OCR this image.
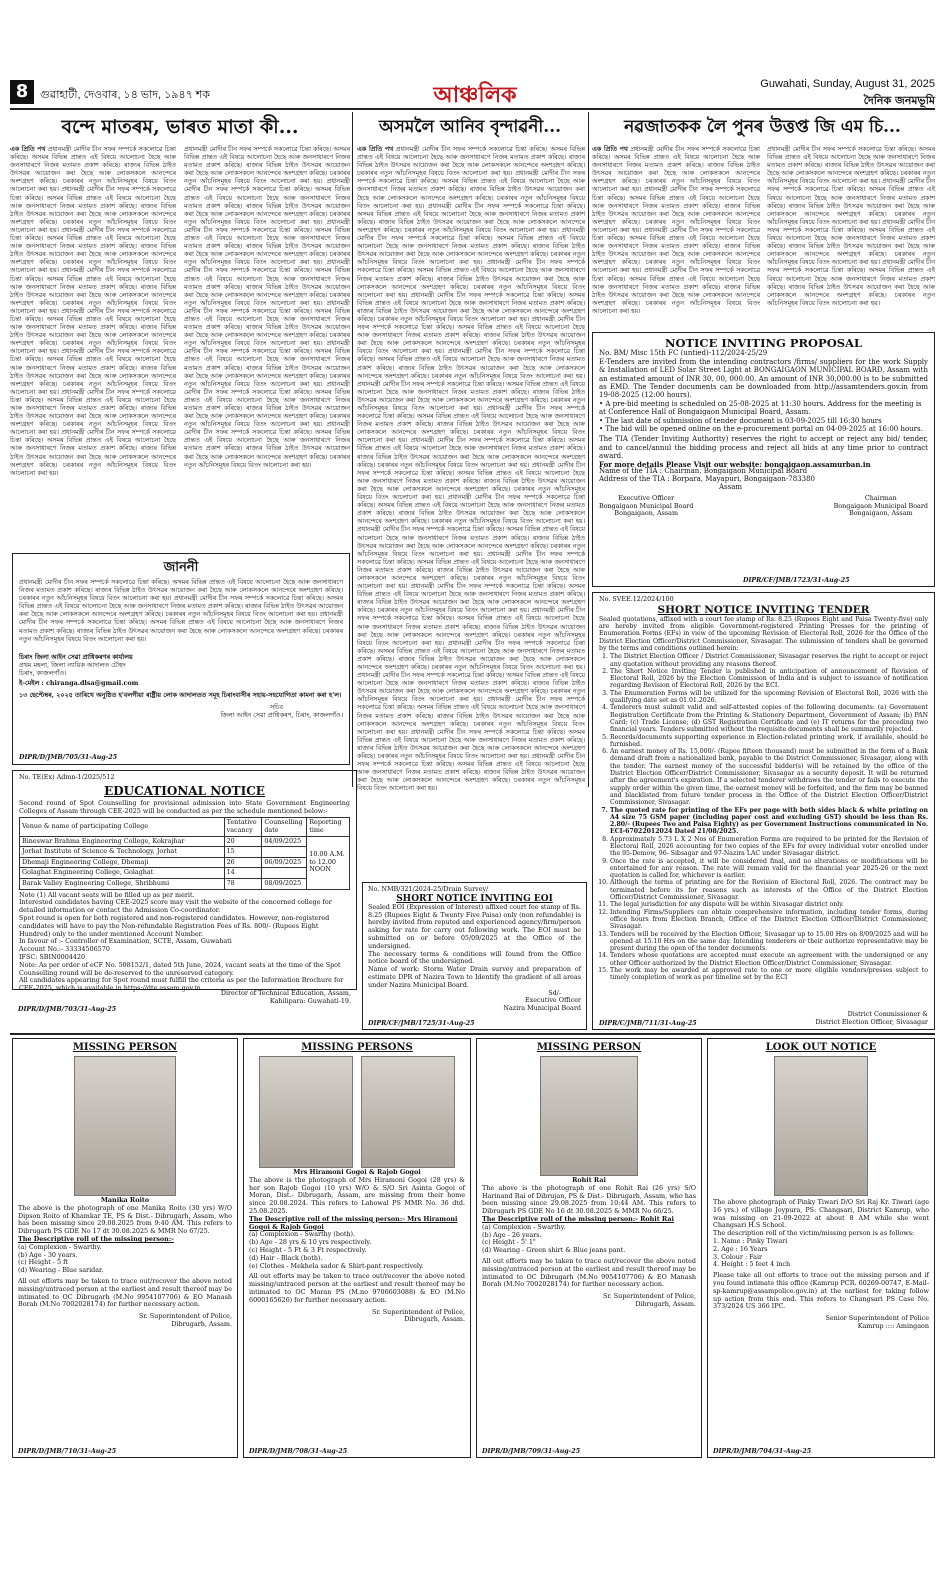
8	গুৱাহাটী, দেওবাৰ, ১৪ ভাদ, ১৯৪৭ শক	আঞ্চলিক	Guwahati, Sunday, August 31, 2025
দৈনিক জনমভূমি
বন্দে মাতৰম, ভাৰত মাতা কী...	অসমলৈ আনিব বৃন্দাৱনী...	নৱজাতকক লৈ পুনৰ উত্তপ্ত জি এম চি...
এক প্ৰিতি পথ প্ৰধানমন্ত্ৰী মোদীৰ চীন সফৰ সম্পৰ্কে সকলোৱে চিন্তা কৰিছে। অসমৰ বিভিন্ন প্ৰান্তত এই বিষয়ে আলোচনা হৈছে আৰু জনসাধাৰণে নিজৰ মতামত প্ৰকাশ কৰিছে। ৰাজ্যৰ বিভিন্ন ঠাইত উৎসৱৰ আয়োজন কৰা হৈছে আৰু লোকসকলে আনন্দেৰে অংশগ্ৰহণ কৰিছে। চৰকাৰৰ নতুন আঁচনিসমূহৰ বিষয়ে বিতং আলোচনা কৰা হয়। প্ৰধানমন্ত্ৰী মোদীৰ চীন সফৰ সম্পৰ্কে সকলোৱে চিন্তা কৰিছে। অসমৰ বিভিন্ন প্ৰান্তত এই বিষয়ে আলোচনা হৈছে আৰু জনসাধাৰণে নিজৰ মতামত প্ৰকাশ কৰিছে। ৰাজ্যৰ বিভিন্ন ঠাইত উৎসৱৰ আয়োজন কৰা হৈছে আৰু লোকসকলে আনন্দেৰে অংশগ্ৰহণ কৰিছে। চৰকাৰৰ নতুন আঁচনিসমূহৰ বিষয়ে বিতং আলোচনা কৰা হয়। প্ৰধানমন্ত্ৰী মোদীৰ চীন সফৰ সম্পৰ্কে সকলোৱে চিন্তা কৰিছে। অসমৰ বিভিন্ন প্ৰান্তত এই বিষয়ে আলোচনা হৈছে আৰু জনসাধাৰণে নিজৰ মতামত প্ৰকাশ কৰিছে। ৰাজ্যৰ বিভিন্ন ঠাইত উৎসৱৰ আয়োজন কৰা হৈছে আৰু লোকসকলে আনন্দেৰে অংশগ্ৰহণ কৰিছে। চৰকাৰৰ নতুন আঁচনিসমূহৰ বিষয়ে বিতং আলোচনা কৰা হয়। প্ৰধানমন্ত্ৰী মোদীৰ চীন সফৰ সম্পৰ্কে সকলোৱে চিন্তা কৰিছে। অসমৰ বিভিন্ন প্ৰান্তত এই বিষয়ে আলোচনা হৈছে আৰু জনসাধাৰণে নিজৰ মতামত প্ৰকাশ কৰিছে। ৰাজ্যৰ বিভিন্ন ঠাইত উৎসৱৰ আয়োজন কৰা হৈছে আৰু লোকসকলে আনন্দেৰে অংশগ্ৰহণ কৰিছে। চৰকাৰৰ নতুন আঁচনিসমূহৰ বিষয়ে বিতং আলোচনা কৰা হয়। প্ৰধানমন্ত্ৰী মোদীৰ চীন সফৰ সম্পৰ্কে সকলোৱে চিন্তা কৰিছে। অসমৰ বিভিন্ন প্ৰান্তত এই বিষয়ে আলোচনা হৈছে আৰু জনসাধাৰণে নিজৰ মতামত প্ৰকাশ কৰিছে। ৰাজ্যৰ বিভিন্ন ঠাইত উৎসৱৰ আয়োজন কৰা হৈছে আৰু লোকসকলে আনন্দেৰে অংশগ্ৰহণ কৰিছে। চৰকাৰৰ নতুন আঁচনিসমূহৰ বিষয়ে বিতং আলোচনা কৰা হয়। প্ৰধানমন্ত্ৰী মোদীৰ চীন সফৰ সম্পৰ্কে সকলোৱে চিন্তা কৰিছে। অসমৰ বিভিন্ন প্ৰান্তত এই বিষয়ে আলোচনা হৈছে আৰু জনসাধাৰণে নিজৰ মতামত প্ৰকাশ কৰিছে। ৰাজ্যৰ বিভিন্ন ঠাইত উৎসৱৰ আয়োজন কৰা হৈছে আৰু লোকসকলে আনন্দেৰে অংশগ্ৰহণ কৰিছে। চৰকাৰৰ নতুন আঁচনিসমূহৰ বিষয়ে বিতং আলোচনা কৰা হয়। প্ৰধানমন্ত্ৰী মোদীৰ চীন সফৰ সম্পৰ্কে সকলোৱে চিন্তা কৰিছে। অসমৰ বিভিন্ন প্ৰান্তত এই বিষয়ে আলোচনা হৈছে আৰু জনসাধাৰণে নিজৰ মতামত প্ৰকাশ কৰিছে। ৰাজ্যৰ বিভিন্ন ঠাইত উৎসৱৰ আয়োজন কৰা হৈছে আৰু লোকসকলে আনন্দেৰে অংশগ্ৰহণ কৰিছে। চৰকাৰৰ নতুন আঁচনিসমূহৰ বিষয়ে বিতং আলোচনা কৰা হয়। প্ৰধানমন্ত্ৰী মোদীৰ চীন সফৰ সম্পৰ্কে সকলোৱে চিন্তা কৰিছে। অসমৰ বিভিন্ন প্ৰান্তত এই বিষয়ে আলোচনা হৈছে আৰু জনসাধাৰণে নিজৰ মতামত প্ৰকাশ কৰিছে। ৰাজ্যৰ বিভিন্ন ঠাইত উৎসৱৰ আয়োজন কৰা হৈছে আৰু লোকসকলে আনন্দেৰে অংশগ্ৰহণ কৰিছে। চৰকাৰৰ নতুন আঁচনিসমূহৰ বিষয়ে বিতং আলোচনা কৰা হয়।
প্ৰধানমন্ত্ৰী মোদীৰ চীন সফৰ সম্পৰ্কে সকলোৱে চিন্তা কৰিছে। অসমৰ বিভিন্ন প্ৰান্তত এই বিষয়ে আলোচনা হৈছে আৰু জনসাধাৰণে নিজৰ মতামত প্ৰকাশ কৰিছে। ৰাজ্যৰ বিভিন্ন ঠাইত উৎসৱৰ আয়োজন কৰা হৈছে আৰু লোকসকলে আনন্দেৰে অংশগ্ৰহণ কৰিছে। চৰকাৰৰ নতুন আঁচনিসমূহৰ বিষয়ে বিতং আলোচনা কৰা হয়। প্ৰধানমন্ত্ৰী মোদীৰ চীন সফৰ সম্পৰ্কে সকলোৱে চিন্তা কৰিছে। অসমৰ বিভিন্ন প্ৰান্তত এই বিষয়ে আলোচনা হৈছে আৰু জনসাধাৰণে নিজৰ মতামত প্ৰকাশ কৰিছে। ৰাজ্যৰ বিভিন্ন ঠাইত উৎসৱৰ আয়োজন কৰা হৈছে আৰু লোকসকলে আনন্দেৰে অংশগ্ৰহণ কৰিছে। চৰকাৰৰ নতুন আঁচনিসমূহৰ বিষয়ে বিতং আলোচনা কৰা হয়। প্ৰধানমন্ত্ৰী মোদীৰ চীন সফৰ সম্পৰ্কে সকলোৱে চিন্তা কৰিছে। অসমৰ বিভিন্ন প্ৰান্তত এই বিষয়ে আলোচনা হৈছে আৰু জনসাধাৰণে নিজৰ মতামত প্ৰকাশ কৰিছে। ৰাজ্যৰ বিভিন্ন ঠাইত উৎসৱৰ আয়োজন কৰা হৈছে আৰু লোকসকলে আনন্দেৰে অংশগ্ৰহণ কৰিছে। চৰকাৰৰ নতুন আঁচনিসমূহৰ বিষয়ে বিতং আলোচনা কৰা হয়। প্ৰধানমন্ত্ৰী মোদীৰ চীন সফৰ সম্পৰ্কে সকলোৱে চিন্তা কৰিছে। অসমৰ বিভিন্ন প্ৰান্তত এই বিষয়ে আলোচনা হৈছে আৰু জনসাধাৰণে নিজৰ মতামত প্ৰকাশ কৰিছে। ৰাজ্যৰ বিভিন্ন ঠাইত উৎসৱৰ আয়োজন কৰা হৈছে আৰু লোকসকলে আনন্দেৰে অংশগ্ৰহণ কৰিছে। চৰকাৰৰ নতুন আঁচনিসমূহৰ বিষয়ে বিতং আলোচনা কৰা হয়। প্ৰধানমন্ত্ৰী মোদীৰ চীন সফৰ সম্পৰ্কে সকলোৱে চিন্তা কৰিছে। অসমৰ বিভিন্ন প্ৰান্তত এই বিষয়ে আলোচনা হৈছে আৰু জনসাধাৰণে নিজৰ মতামত প্ৰকাশ কৰিছে। ৰাজ্যৰ বিভিন্ন ঠাইত উৎসৱৰ আয়োজন কৰা হৈছে আৰু লোকসকলে আনন্দেৰে অংশগ্ৰহণ কৰিছে। চৰকাৰৰ নতুন আঁচনিসমূহৰ বিষয়ে বিতং আলোচনা কৰা হয়। প্ৰধানমন্ত্ৰী মোদীৰ চীন সফৰ সম্পৰ্কে সকলোৱে চিন্তা কৰিছে। অসমৰ বিভিন্ন প্ৰান্তত এই বিষয়ে আলোচনা হৈছে আৰু জনসাধাৰণে নিজৰ মতামত প্ৰকাশ কৰিছে। ৰাজ্যৰ বিভিন্ন ঠাইত উৎসৱৰ আয়োজন কৰা হৈছে আৰু লোকসকলে আনন্দেৰে অংশগ্ৰহণ কৰিছে। চৰকাৰৰ নতুন আঁচনিসমূহৰ বিষয়ে বিতং আলোচনা কৰা হয়। প্ৰধানমন্ত্ৰী মোদীৰ চীন সফৰ সম্পৰ্কে সকলোৱে চিন্তা কৰিছে। অসমৰ বিভিন্ন প্ৰান্তত এই বিষয়ে আলোচনা হৈছে আৰু জনসাধাৰণে নিজৰ মতামত প্ৰকাশ কৰিছে। ৰাজ্যৰ বিভিন্ন ঠাইত উৎসৱৰ আয়োজন কৰা হৈছে আৰু লোকসকলে আনন্দেৰে অংশগ্ৰহণ কৰিছে। চৰকাৰৰ নতুন আঁচনিসমূহৰ বিষয়ে বিতং আলোচনা কৰা হয়। প্ৰধানমন্ত্ৰী মোদীৰ চীন সফৰ সম্পৰ্কে সকলোৱে চিন্তা কৰিছে। অসমৰ বিভিন্ন প্ৰান্তত এই বিষয়ে আলোচনা হৈছে আৰু জনসাধাৰণে নিজৰ মতামত প্ৰকাশ কৰিছে। ৰাজ্যৰ বিভিন্ন ঠাইত উৎসৱৰ আয়োজন কৰা হৈছে আৰু লোকসকলে আনন্দেৰে অংশগ্ৰহণ কৰিছে। চৰকাৰৰ নতুন আঁচনিসমূহৰ বিষয়ে বিতং আলোচনা কৰা হয়।
এক প্ৰিতি পথ প্ৰধানমন্ত্ৰী মোদীৰ চীন সফৰ সম্পৰ্কে সকলোৱে চিন্তা কৰিছে। অসমৰ বিভিন্ন প্ৰান্তত এই বিষয়ে আলোচনা হৈছে আৰু জনসাধাৰণে নিজৰ মতামত প্ৰকাশ কৰিছে। ৰাজ্যৰ বিভিন্ন ঠাইত উৎসৱৰ আয়োজন কৰা হৈছে আৰু লোকসকলে আনন্দেৰে অংশগ্ৰহণ কৰিছে। চৰকাৰৰ নতুন আঁচনিসমূহৰ বিষয়ে বিতং আলোচনা কৰা হয়। প্ৰধানমন্ত্ৰী মোদীৰ চীন সফৰ সম্পৰ্কে সকলোৱে চিন্তা কৰিছে। অসমৰ বিভিন্ন প্ৰান্তত এই বিষয়ে আলোচনা হৈছে আৰু জনসাধাৰণে নিজৰ মতামত প্ৰকাশ কৰিছে। ৰাজ্যৰ বিভিন্ন ঠাইত উৎসৱৰ আয়োজন কৰা হৈছে আৰু লোকসকলে আনন্দেৰে অংশগ্ৰহণ কৰিছে। চৰকাৰৰ নতুন আঁচনিসমূহৰ বিষয়ে বিতং আলোচনা কৰা হয়। প্ৰধানমন্ত্ৰী মোদীৰ চীন সফৰ সম্পৰ্কে সকলোৱে চিন্তা কৰিছে। অসমৰ বিভিন্ন প্ৰান্তত এই বিষয়ে আলোচনা হৈছে আৰু জনসাধাৰণে নিজৰ মতামত প্ৰকাশ কৰিছে। ৰাজ্যৰ বিভিন্ন ঠাইত উৎসৱৰ আয়োজন কৰা হৈছে আৰু লোকসকলে আনন্দেৰে অংশগ্ৰহণ কৰিছে। চৰকাৰৰ নতুন আঁচনিসমূহৰ বিষয়ে বিতং আলোচনা কৰা হয়। প্ৰধানমন্ত্ৰী মোদীৰ চীন সফৰ সম্পৰ্কে সকলোৱে চিন্তা কৰিছে। অসমৰ বিভিন্ন প্ৰান্তত এই বিষয়ে আলোচনা হৈছে আৰু জনসাধাৰণে নিজৰ মতামত প্ৰকাশ কৰিছে। ৰাজ্যৰ বিভিন্ন ঠাইত উৎসৱৰ আয়োজন কৰা হৈছে আৰু লোকসকলে আনন্দেৰে অংশগ্ৰহণ কৰিছে। চৰকাৰৰ নতুন আঁচনিসমূহৰ বিষয়ে বিতং আলোচনা কৰা হয়। প্ৰধানমন্ত্ৰী মোদীৰ চীন সফৰ সম্পৰ্কে সকলোৱে চিন্তা কৰিছে। অসমৰ বিভিন্ন প্ৰান্তত এই বিষয়ে আলোচনা হৈছে আৰু জনসাধাৰণে নিজৰ মতামত প্ৰকাশ কৰিছে। ৰাজ্যৰ বিভিন্ন ঠাইত উৎসৱৰ আয়োজন কৰা হৈছে আৰু লোকসকলে আনন্দেৰে অংশগ্ৰহণ কৰিছে। চৰকাৰৰ নতুন আঁচনিসমূহৰ বিষয়ে বিতং আলোচনা কৰা হয়। প্ৰধানমন্ত্ৰী মোদীৰ চীন সফৰ সম্পৰ্কে সকলোৱে চিন্তা কৰিছে। অসমৰ বিভিন্ন প্ৰান্তত এই বিষয়ে আলোচনা হৈছে আৰু জনসাধাৰণে নিজৰ মতামত প্ৰকাশ কৰিছে। ৰাজ্যৰ বিভিন্ন ঠাইত উৎসৱৰ আয়োজন কৰা হৈছে আৰু লোকসকলে আনন্দেৰে অংশগ্ৰহণ কৰিছে। চৰকাৰৰ নতুন আঁচনিসমূহৰ বিষয়ে বিতং আলোচনা কৰা হয়। প্ৰধানমন্ত্ৰী মোদীৰ চীন সফৰ সম্পৰ্কে সকলোৱে চিন্তা কৰিছে। অসমৰ বিভিন্ন প্ৰান্তত এই বিষয়ে আলোচনা হৈছে আৰু জনসাধাৰণে নিজৰ মতামত প্ৰকাশ কৰিছে। ৰাজ্যৰ বিভিন্ন ঠাইত উৎসৱৰ আয়োজন কৰা হৈছে আৰু লোকসকলে আনন্দেৰে অংশগ্ৰহণ কৰিছে। চৰকাৰৰ নতুন আঁচনিসমূহৰ বিষয়ে বিতং আলোচনা কৰা হয়। প্ৰধানমন্ত্ৰী মোদীৰ চীন সফৰ সম্পৰ্কে সকলোৱে চিন্তা কৰিছে। অসমৰ বিভিন্ন প্ৰান্তত এই বিষয়ে আলোচনা হৈছে আৰু জনসাধাৰণে নিজৰ মতামত প্ৰকাশ কৰিছে। ৰাজ্যৰ বিভিন্ন ঠাইত উৎসৱৰ আয়োজন কৰা হৈছে আৰু লোকসকলে আনন্দেৰে অংশগ্ৰহণ কৰিছে। চৰকাৰৰ নতুন আঁচনিসমূহৰ বিষয়ে বিতং আলোচনা কৰা হয়। প্ৰধানমন্ত্ৰী মোদীৰ চীন সফৰ সম্পৰ্কে সকলোৱে চিন্তা কৰিছে। অসমৰ বিভিন্ন প্ৰান্তত এই বিষয়ে আলোচনা হৈছে আৰু জনসাধাৰণে নিজৰ মতামত প্ৰকাশ কৰিছে। ৰাজ্যৰ বিভিন্ন ঠাইত উৎসৱৰ আয়োজন কৰা হৈছে আৰু লোকসকলে আনন্দেৰে অংশগ্ৰহণ কৰিছে। চৰকাৰৰ নতুন আঁচনিসমূহৰ বিষয়ে বিতং আলোচনা কৰা হয়। প্ৰধানমন্ত্ৰী মোদীৰ চীন সফৰ সম্পৰ্কে সকলোৱে চিন্তা কৰিছে। অসমৰ বিভিন্ন প্ৰান্তত এই বিষয়ে আলোচনা হৈছে আৰু জনসাধাৰণে নিজৰ মতামত প্ৰকাশ কৰিছে। ৰাজ্যৰ বিভিন্ন ঠাইত উৎসৱৰ আয়োজন কৰা হৈছে আৰু লোকসকলে আনন্দেৰে অংশগ্ৰহণ কৰিছে। চৰকাৰৰ নতুন আঁচনিসমূহৰ বিষয়ে বিতং আলোচনা কৰা হয়। প্ৰধানমন্ত্ৰী মোদীৰ চীন সফৰ সম্পৰ্কে সকলোৱে চিন্তা কৰিছে। অসমৰ বিভিন্ন প্ৰান্তত এই বিষয়ে আলোচনা হৈছে আৰু জনসাধাৰণে নিজৰ মতামত প্ৰকাশ কৰিছে। ৰাজ্যৰ বিভিন্ন ঠাইত উৎসৱৰ আয়োজন কৰা হৈছে আৰু লোকসকলে আনন্দেৰে অংশগ্ৰহণ কৰিছে। চৰকাৰৰ নতুন আঁচনিসমূহৰ বিষয়ে বিতং আলোচনা কৰা হয়। প্ৰধানমন্ত্ৰী মোদীৰ চীন সফৰ সম্পৰ্কে সকলোৱে চিন্তা কৰিছে। অসমৰ বিভিন্ন প্ৰান্তত এই বিষয়ে আলোচনা হৈছে আৰু জনসাধাৰণে নিজৰ মতামত প্ৰকাশ কৰিছে। ৰাজ্যৰ বিভিন্ন ঠাইত উৎসৱৰ আয়োজন কৰা হৈছে আৰু লোকসকলে আনন্দেৰে অংশগ্ৰহণ কৰিছে। চৰকাৰৰ নতুন আঁচনিসমূহৰ বিষয়ে বিতং আলোচনা কৰা হয়। প্ৰধানমন্ত্ৰী মোদীৰ চীন সফৰ সম্পৰ্কে সকলোৱে চিন্তা কৰিছে। অসমৰ বিভিন্ন প্ৰান্তত এই বিষয়ে আলোচনা হৈছে আৰু জনসাধাৰণে নিজৰ মতামত প্ৰকাশ কৰিছে। ৰাজ্যৰ বিভিন্ন ঠাইত উৎসৱৰ আয়োজন কৰা হৈছে আৰু লোকসকলে আনন্দেৰে অংশগ্ৰহণ কৰিছে। চৰকাৰৰ নতুন আঁচনিসমূহৰ বিষয়ে বিতং আলোচনা কৰা হয়। প্ৰধানমন্ত্ৰী মোদীৰ চীন সফৰ সম্পৰ্কে সকলোৱে চিন্তা কৰিছে। অসমৰ বিভিন্ন প্ৰান্তত এই বিষয়ে আলোচনা হৈছে আৰু জনসাধাৰণে নিজৰ মতামত প্ৰকাশ কৰিছে। ৰাজ্যৰ বিভিন্ন ঠাইত উৎসৱৰ আয়োজন কৰা হৈছে আৰু লোকসকলে আনন্দেৰে অংশগ্ৰহণ কৰিছে। চৰকাৰৰ নতুন আঁচনিসমূহৰ বিষয়ে বিতং আলোচনা কৰা হয়। প্ৰধানমন্ত্ৰী মোদীৰ চীন সফৰ সম্পৰ্কে সকলোৱে চিন্তা কৰিছে। অসমৰ বিভিন্ন প্ৰান্তত এই বিষয়ে আলোচনা হৈছে আৰু জনসাধাৰণে নিজৰ মতামত প্ৰকাশ কৰিছে। ৰাজ্যৰ বিভিন্ন ঠাইত উৎসৱৰ আয়োজন কৰা হৈছে আৰু লোকসকলে আনন্দেৰে অংশগ্ৰহণ কৰিছে। চৰকাৰৰ নতুন আঁচনিসমূহৰ বিষয়ে বিতং আলোচনা কৰা হয়। প্ৰধানমন্ত্ৰী মোদীৰ চীন সফৰ সম্পৰ্কে সকলোৱে চিন্তা কৰিছে। অসমৰ বিভিন্ন প্ৰান্তত এই বিষয়ে আলোচনা হৈছে আৰু জনসাধাৰণে নিজৰ মতামত প্ৰকাশ কৰিছে। ৰাজ্যৰ বিভিন্ন ঠাইত উৎসৱৰ আয়োজন কৰা হৈছে আৰু লোকসকলে আনন্দেৰে অংশগ্ৰহণ কৰিছে। চৰকাৰৰ নতুন আঁচনিসমূহৰ বিষয়ে বিতং আলোচনা কৰা হয়। প্ৰধানমন্ত্ৰী মোদীৰ চীন সফৰ সম্পৰ্কে সকলোৱে চিন্তা কৰিছে। অসমৰ বিভিন্ন প্ৰান্তত এই বিষয়ে আলোচনা হৈছে আৰু জনসাধাৰণে নিজৰ মতামত প্ৰকাশ কৰিছে। ৰাজ্যৰ বিভিন্ন ঠাইত উৎসৱৰ আয়োজন কৰা হৈছে আৰু লোকসকলে আনন্দেৰে অংশগ্ৰহণ কৰিছে। চৰকাৰৰ নতুন আঁচনিসমূহৰ বিষয়ে বিতং আলোচনা কৰা হয়। প্ৰধানমন্ত্ৰী মোদীৰ চীন সফৰ সম্পৰ্কে সকলোৱে চিন্তা কৰিছে। অসমৰ বিভিন্ন প্ৰান্তত এই বিষয়ে আলোচনা হৈছে আৰু জনসাধাৰণে নিজৰ মতামত প্ৰকাশ কৰিছে। ৰাজ্যৰ বিভিন্ন ঠাইত উৎসৱৰ আয়োজন কৰা হৈছে আৰু লোকসকলে আনন্দেৰে অংশগ্ৰহণ কৰিছে। চৰকাৰৰ নতুন আঁচনিসমূহৰ বিষয়ে বিতং আলোচনা কৰা হয়। প্ৰধানমন্ত্ৰী মোদীৰ চীন সফৰ সম্পৰ্কে সকলোৱে চিন্তা কৰিছে। অসমৰ বিভিন্ন প্ৰান্তত এই বিষয়ে আলোচনা হৈছে আৰু জনসাধাৰণে নিজৰ মতামত প্ৰকাশ কৰিছে। ৰাজ্যৰ বিভিন্ন ঠাইত উৎসৱৰ আয়োজন কৰা হৈছে আৰু লোকসকলে আনন্দেৰে অংশগ্ৰহণ কৰিছে। চৰকাৰৰ নতুন আঁচনিসমূহৰ বিষয়ে বিতং আলোচনা কৰা হয়। প্ৰধানমন্ত্ৰী মোদীৰ চীন সফৰ সম্পৰ্কে সকলোৱে চিন্তা কৰিছে। অসমৰ বিভিন্ন প্ৰান্তত এই বিষয়ে আলোচনা হৈছে আৰু জনসাধাৰণে নিজৰ মতামত প্ৰকাশ কৰিছে। ৰাজ্যৰ বিভিন্ন ঠাইত উৎসৱৰ আয়োজন কৰা হৈছে আৰু লোকসকলে আনন্দেৰে অংশগ্ৰহণ কৰিছে। চৰকাৰৰ নতুন আঁচনিসমূহৰ বিষয়ে বিতং আলোচনা কৰা হয়। প্ৰধানমন্ত্ৰী মোদীৰ চীন সফৰ সম্পৰ্কে সকলোৱে চিন্তা কৰিছে। অসমৰ বিভিন্ন প্ৰান্তত এই বিষয়ে আলোচনা হৈছে আৰু জনসাধাৰণে নিজৰ মতামত প্ৰকাশ কৰিছে। ৰাজ্যৰ বিভিন্ন ঠাইত উৎসৱৰ আয়োজন কৰা হৈছে আৰু লোকসকলে আনন্দেৰে অংশগ্ৰহণ কৰিছে। চৰকাৰৰ নতুন আঁচনিসমূহৰ বিষয়ে বিতং আলোচনা কৰা হয়। প্ৰধানমন্ত্ৰী মোদীৰ চীন সফৰ সম্পৰ্কে সকলোৱে চিন্তা কৰিছে। অসমৰ বিভিন্ন প্ৰান্তত এই বিষয়ে আলোচনা হৈছে আৰু জনসাধাৰণে নিজৰ মতামত প্ৰকাশ কৰিছে। ৰাজ্যৰ বিভিন্ন ঠাইত উৎসৱৰ আয়োজন কৰা হৈছে আৰু লোকসকলে আনন্দেৰে অংশগ্ৰহণ কৰিছে। চৰকাৰৰ নতুন আঁচনিসমূহৰ বিষয়ে বিতং আলোচনা কৰা হয়।
এক প্ৰিতি পথ প্ৰধানমন্ত্ৰী মোদীৰ চীন সফৰ সম্পৰ্কে সকলোৱে চিন্তা কৰিছে। অসমৰ বিভিন্ন প্ৰান্তত এই বিষয়ে আলোচনা হৈছে আৰু জনসাধাৰণে নিজৰ মতামত প্ৰকাশ কৰিছে। ৰাজ্যৰ বিভিন্ন ঠাইত উৎসৱৰ আয়োজন কৰা হৈছে আৰু লোকসকলে আনন্দেৰে অংশগ্ৰহণ কৰিছে। চৰকাৰৰ নতুন আঁচনিসমূহৰ বিষয়ে বিতং আলোচনা কৰা হয়। প্ৰধানমন্ত্ৰী মোদীৰ চীন সফৰ সম্পৰ্কে সকলোৱে চিন্তা কৰিছে। অসমৰ বিভিন্ন প্ৰান্তত এই বিষয়ে আলোচনা হৈছে আৰু জনসাধাৰণে নিজৰ মতামত প্ৰকাশ কৰিছে। ৰাজ্যৰ বিভিন্ন ঠাইত উৎসৱৰ আয়োজন কৰা হৈছে আৰু লোকসকলে আনন্দেৰে অংশগ্ৰহণ কৰিছে। চৰকাৰৰ নতুন আঁচনিসমূহৰ বিষয়ে বিতং আলোচনা কৰা হয়। প্ৰধানমন্ত্ৰী মোদীৰ চীন সফৰ সম্পৰ্কে সকলোৱে চিন্তা কৰিছে। অসমৰ বিভিন্ন প্ৰান্তত এই বিষয়ে আলোচনা হৈছে আৰু জনসাধাৰণে নিজৰ মতামত প্ৰকাশ কৰিছে। ৰাজ্যৰ বিভিন্ন ঠাইত উৎসৱৰ আয়োজন কৰা হৈছে আৰু লোকসকলে আনন্দেৰে অংশগ্ৰহণ কৰিছে। চৰকাৰৰ নতুন আঁচনিসমূহৰ বিষয়ে বিতং আলোচনা কৰা হয়। প্ৰধানমন্ত্ৰী মোদীৰ চীন সফৰ সম্পৰ্কে সকলোৱে চিন্তা কৰিছে। অসমৰ বিভিন্ন প্ৰান্তত এই বিষয়ে আলোচনা হৈছে আৰু জনসাধাৰণে নিজৰ মতামত প্ৰকাশ কৰিছে। ৰাজ্যৰ বিভিন্ন ঠাইত উৎসৱৰ আয়োজন কৰা হৈছে আৰু লোকসকলে আনন্দেৰে অংশগ্ৰহণ কৰিছে। চৰকাৰৰ নতুন আঁচনিসমূহৰ বিষয়ে বিতং আলোচনা কৰা হয়।
প্ৰধানমন্ত্ৰী মোদীৰ চীন সফৰ সম্পৰ্কে সকলোৱে চিন্তা কৰিছে। অসমৰ বিভিন্ন প্ৰান্তত এই বিষয়ে আলোচনা হৈছে আৰু জনসাধাৰণে নিজৰ মতামত প্ৰকাশ কৰিছে। ৰাজ্যৰ বিভিন্ন ঠাইত উৎসৱৰ আয়োজন কৰা হৈছে আৰু লোকসকলে আনন্দেৰে অংশগ্ৰহণ কৰিছে। চৰকাৰৰ নতুন আঁচনিসমূহৰ বিষয়ে বিতং আলোচনা কৰা হয়। প্ৰধানমন্ত্ৰী মোদীৰ চীন সফৰ সম্পৰ্কে সকলোৱে চিন্তা কৰিছে। অসমৰ বিভিন্ন প্ৰান্তত এই বিষয়ে আলোচনা হৈছে আৰু জনসাধাৰণে নিজৰ মতামত প্ৰকাশ কৰিছে। ৰাজ্যৰ বিভিন্ন ঠাইত উৎসৱৰ আয়োজন কৰা হৈছে আৰু লোকসকলে আনন্দেৰে অংশগ্ৰহণ কৰিছে। চৰকাৰৰ নতুন আঁচনিসমূহৰ বিষয়ে বিতং আলোচনা কৰা হয়। প্ৰধানমন্ত্ৰী মোদীৰ চীন সফৰ সম্পৰ্কে সকলোৱে চিন্তা কৰিছে। অসমৰ বিভিন্ন প্ৰান্তত এই বিষয়ে আলোচনা হৈছে আৰু জনসাধাৰণে নিজৰ মতামত প্ৰকাশ কৰিছে। ৰাজ্যৰ বিভিন্ন ঠাইত উৎসৱৰ আয়োজন কৰা হৈছে আৰু লোকসকলে আনন্দেৰে অংশগ্ৰহণ কৰিছে। চৰকাৰৰ নতুন আঁচনিসমূহৰ বিষয়ে বিতং আলোচনা কৰা হয়। প্ৰধানমন্ত্ৰী মোদীৰ চীন সফৰ সম্পৰ্কে সকলোৱে চিন্তা কৰিছে। অসমৰ বিভিন্ন প্ৰান্তত এই বিষয়ে আলোচনা হৈছে আৰু জনসাধাৰণে নিজৰ মতামত প্ৰকাশ কৰিছে। ৰাজ্যৰ বিভিন্ন ঠাইত উৎসৱৰ আয়োজন কৰা হৈছে আৰু লোকসকলে আনন্দেৰে অংশগ্ৰহণ কৰিছে। চৰকাৰৰ নতুন আঁচনিসমূহৰ বিষয়ে বিতং আলোচনা কৰা হয়।
জাননী
প্ৰধানমন্ত্ৰী মোদীৰ চীন সফৰ সম্পৰ্কে সকলোৱে চিন্তা কৰিছে। অসমৰ বিভিন্ন প্ৰান্তত এই বিষয়ে আলোচনা হৈছে আৰু জনসাধাৰণে নিজৰ মতামত প্ৰকাশ কৰিছে। ৰাজ্যৰ বিভিন্ন ঠাইত উৎসৱৰ আয়োজন কৰা হৈছে আৰু লোকসকলে আনন্দেৰে অংশগ্ৰহণ কৰিছে। চৰকাৰৰ নতুন আঁচনিসমূহৰ বিষয়ে বিতং আলোচনা কৰা হয়। প্ৰধানমন্ত্ৰী মোদীৰ চীন সফৰ সম্পৰ্কে সকলোৱে চিন্তা কৰিছে। অসমৰ বিভিন্ন প্ৰান্তত এই বিষয়ে আলোচনা হৈছে আৰু জনসাধাৰণে নিজৰ মতামত প্ৰকাশ কৰিছে। ৰাজ্যৰ বিভিন্ন ঠাইত উৎসৱৰ আয়োজন কৰা হৈছে আৰু লোকসকলে আনন্দেৰে অংশগ্ৰহণ কৰিছে। চৰকাৰৰ নতুন আঁচনিসমূহৰ বিষয়ে বিতং আলোচনা কৰা হয়। প্ৰধানমন্ত্ৰী মোদীৰ চীন সফৰ সম্পৰ্কে সকলোৱে চিন্তা কৰিছে। অসমৰ বিভিন্ন প্ৰান্তত এই বিষয়ে আলোচনা হৈছে আৰু জনসাধাৰণে নিজৰ মতামত প্ৰকাশ কৰিছে। ৰাজ্যৰ বিভিন্ন ঠাইত উৎসৱৰ আয়োজন কৰা হৈছে আৰু লোকসকলে আনন্দেৰে অংশগ্ৰহণ কৰিছে। চৰকাৰৰ নতুন আঁচনিসমূহৰ বিষয়ে বিতং আলোচনা কৰা হয়।
চিৰাং জিলা আইন সেৱা প্ৰাধিকৰণৰ কাৰ্যালয়
প্ৰথম মহলা, জিলা ন্যায়িক আদালত চৌহদ
চিৰাং, কাজলগাঁও।
ই-মেইল : chiranga.dlsa@gmail.com
১৩ ছেপ্টেম্বৰ, ২০২৫ তাৰিখে অনুষ্ঠিত হ'বলগীয়া ৰাষ্ট্ৰীয় লোক আদালতত সমূহ চিৰাংবাসীৰ সহায়-সহযোগিতা কামনা কৰা হ'ল।
সচিব
জিলা আইন সেৱা প্ৰাধিকৰণ, চিৰাং, কাজলগাঁও।
DIPR/D/JMB/705/31-Aug-25
No. TE(Ex) Admn-1/2025/512
EDUCATIONAL NOTICE
Second round of Spot Counselling for provisional admission into State Government Engineering Colleges of Assam through CEE-2025 will be conducted as per the schedule mentioned below:-
Venue & name of participating College	Tentative vacancy	Counselling date	Reporting time
Bineswar Brahma Engineering College, Kokrajhar	20	04/09/2025	10.00 A.M. to 12.00 NOON
Jorhat Institute of Science & Technology, Jorhat	15		
Dhemaji Engineering College, Dhemaji	26	06/09/2025	
Golaghat Engineering College, Golaghat	14		
Barak Valley Engineering College, Shribhumi	78	08/09/2025	
Note (1) All vacant seats will be filled up as per merit.
Interested candidates having CEE-2025 score may visit the website of the concerned college for detailed information or contact the Admission Co-coordinator.
Spot round is open for both registered and non-registered candidates. However, non-registered candidates will have to pay the Non-refundable Registration Fees of Rs. 800/- (Rupees Eight Hundred) only to the under mentioned Account Number.
In favour of :- Controller of Examination, SCTE, Assam, Guwahati
Account No.:- 33334506570
IFSC: SBIN0004420
Note: As per order of eCF No. 508152/1, dated 5th June, 2024, vacant seats at the time of the Spot Counselling round will be de-reserved to the unreserved category.
All candidates appearing for Spot round must fulfill the criteria as per the Information Brochure for CEE-2025, which is available in https://dte.assam.gov.in
Director of Technical Education, Assam,
Kahilipara: Guwahati-19.
DIPR/D/JMB/703/31-Aug-25
No. NMB/321/2024-25/Drain Survey/
SHORT NOTICE INVITING EOI
Sealed EOI (Expression of Interest) affixed court fee stamp of Rs. 8.25 (Rupees Eight & Twenty Five Paisa) only (non refundable) is hereby invited from reputed and experienced agency/firm/person asking for rate for carry out following work. The EOI must be submitted on or before 05/09/2025 at the Office of the undersigned.
The necessary terms & conditions will found from the Office notice board of the undersigned.
Name of work: Storm Water Drain survey and preparation of estimate DPR of Nazira Town to Identify the gradient of all areas under Nazira Municipal Board.
Sd/-
Executive Officer
Nazira Municipal Board
DIPR/CF/JMB/1725/31-Aug-25
NOTICE INVITING PROPOSAL
No. BM/ Misc 15th FC (untied)-112/2024-25/29
E-Tenders are invited from the intending contractors /firms/ suppliers for the work Supply & Installation of LED Solar Street Light at BONGAIGAON MUNICIPAL BOARD, Assam with an estimated amount of INR 30, 00, 000.00. An amount of INR 30,000.00 is to be submitted as EMD. The Tender documents can be downloaded from http://assamtenders.gov.in from 19-08-2025 (12:00 hours).
• A pre-bid meeting is scheduled on 25-08-2025 at 11:30 hours. Address for the meeting is at Conference Hall of Bongaigaon Municipal Board, Assam.
• The last date of submission of tender document is 03-09-2025 till 16:30 hours
• The bid will be opened online on the e-procurement portal on 04-09-2025 at 16:00 hours.
The TIA (Tender Inviting Authority) reserves the right to accept or reject any bid/ tender, and to cancel/annul the bidding process and reject all bids at any time prior to contract award.
For more details Please Visit our website: bongaigaon.assamurban.in
Name of the TIA : Chairman, Bongaigaon Municipal Board
Address of the TIA : Borpara, Mayapuri, Bongaigaon-783380
Assam
Executive Officer
Bongaigaon Municipal Board
Bongaigaon, Assam
Chairman
Bongaigaon Municipal Board
Bongaigaon, Assam
DIPR/CF/JMB/1723/31-Aug-25
No. SVEE.12/2024/100
SHORT NOTICE INVITING TENDER
Sealed quotations, affixed with a court fee stamp of Rs. 8.25 (Rupees Eight and Paisa Twenty-five) only are hereby invited from eligible Government-registered Printing Presses for the printing of Enumeration Forms (EFs) in view of the upcoming Revision of Electoral Roll, 2026 for the Office of the District Election Officer/District Commissioner, Sivasagar. The submission of tenders shall be governed by the terms and conditions outlined herein:
1. The District Election Officer / District Commissioner, Sivasagar reserves the right to accept or reject any quotation without providing any reasons thereof.
2. The Short Notice Inviting Tender is published in anticipation of announcement of Revision of Electoral Roll, 2026 by the Election Commission of India and is subject to issuance of notification regarding Revision of Electoral Roll, 2026 by the ECI.
3. The Enumeration Forms will be utilized for the upcoming Revision of Electoral Roll, 2026 with the qualifying date set as 01.01.2026.
4. Tenderers must submit valid and self-attested copies of the following documents: (a) Government Registration Certificate from the Printing & Stationery Department, Government of Assam; (b) PAN Card; (c) Trade License; (d) GST Registration Certificate and (e) IT returns for the preceding two financial years. Tenders submitted without the requisite documents shall be summarily rejected.
5. Records/documents supporting experience in Election-related printing work, if available, should be furnished.
6. An earnest money of Rs. 15,000/- (Rupee fifteen thousand) must be submitted in the form of a Bank demand draft from a nationalized bank, payable to the District Commissioner, Sivasagar, along with the tender. The earnest money of the successful bidder(s) will be retained by the office of the District Election Officer/District Commissioner, Sivasagar as a security deposit. It will be returned after the agreement's expiration. If a selected tenderer withdraws the tender or fails to execute the supply order within the given time, the earnest money will be forfeited, and the firm may be banned and blacklisted from future tender process in the Office of the District Election Officer/District Commissioner, Sivasagar.
7. The quoted rate for printing of the EFs per page with both sides black & white printing on A4 size 75 GSM paper (including paper cost and excluding GST) should be less than Rs. 2.80/- (Rupees Two and Paisa Eighty) as per Government Instructions communicated in No. ECI-67022012024 Dated 21/08/2025.
8. Approximately 5.73 L X 2 Nos of Enumeration Forms are required to be printed for the Revision of Electoral Roll, 2026 accounting for two copies of the EFs for every individual voter enrolled under the 95-Demow, 96- Sibsagar and 97-Nazira LAC under Sivasagar district.
9. Once the rate is accepted, it will be considered final, and no alterations or modifications will be entertained for any reason. The rate will remain valid for the financial year 2025-26 or the next quotation is called for, whichever is earlier.
10. Although the terms of printing are for the Revision of Electoral Roll, 2026. The contract may be terminated before its for reasons such as interests of the Office of the District Election Officer/District Commissioner, Sivasagar.
11. The legal jurisdiction for any dispute will be within Sivasagar district only.
12. Intending Firms/Suppliers can obtain comprehensive information, including tender forms, during office hours from Election Branch, Office of the District Election Officer/District Commissioner, Sivasagar.
13. Tenders will be received by the Election Officer, Sivasagar up to 15.00 Hrs on 8/09/2025 and will be opened at 15.10 Hrs on the same day. Intending tenderers or their authorize representative may be present during the open of the tender documents.
14. Tenders whose quotations are accepted must execute an agreement with the undersigned or any other Officer authorized by the District Election Officer/District Commissioner, Sivasagar.
15. The work may be awarded at approved rate to one or more eligible vendors/presses subject to timely completion of work as per timeline set by the ECI
DIPR/C/JMB/711/31-Aug-25
District Commissioner &
District Election Officer, Sivasagar
MISSING PERSON
Manika Roito
The above is the photograph of one Manika Roito (30 yrs) W/O Dipson Roito of Khamkar TE, PS & Dist.- Dibrugarh, Assam, who has been missing since 29.08.2025 from 9:40 AM. This refers to Dibrugarh PS GDE No 17 dt 30.08.2025 & MMR No 67/25.
The Descriptive roll of the missing person:-
(a) Complexion - Swarthy.
(b) Age - 30 years.
(c) Height - 5 ft
(d) Wearing - Blue saridar.
All out efforts may be taken to trace out/recover the above noted missing/untraced person at the earliest and result thereof may be intimated to OC Dibrugarh (M.No 9954107706) & EO Manash Borah (M.No 7002028174) for further necessary action.
Sr. Superintendent of Police,
Dibrugarh, Assam.
DIPR/D/JMB/710/31-Aug-25
MISSING PERSONS
Mrs Hiramoni Gogoi & Rajob Gogoi
The above is the photograph of Mrs Hiramoni Gogoi (28 yrs) & her son Rajob Gogoi (10 yrs) W/O & S/O Sri Asinta Gogoi of Moran, Dist.- Dibrugarh, Assam, are missing from their home since 20.08.2024. This refers to Lahowal PS MMR No. 36 dtd. 25.08.2025.
The Descriptive roll of the missing person:- Mrs Hiramoni Gogoi & Rajob Gogoi
(a) Complexion - Swarthy (both).
(b) Age - 28 yrs & 10 yrs respectively.
(c) Height - 5 Ft & 3 Ft respectively.
(d) Hair - Black (both).
(e) Clothes - Mekhela sador & Shirt-pant respectively.
All out efforts may be taken to trace out/recover the above noted missing/untraced person at the earliest and result thereof may be intimated to OC Moran PS (M.no 9706603088) & EO (M.No 6000165626) for further necessary action.
Sr. Superintendent of Police,
Dibrugarh, Assam.
DIPR/D/JMB/708/31-Aug-25
MISSING PERSON
Rohit Rai
The above is the photograph of one Rohit Rai (26 yrs) S/O Harinand Rai of Dibrujan, PS & Dist.- Dibrugarh, Assam, who has been missing since 29.08.2025 from 10:44 AM. This refers to Dibrugarh PS GDE No 16 dt 30.08.2025 & MMR No 66/25.
The Descriptive roll of the missing person:- Rohit Rai
(a) Complexion - Swarthy.
(b) Age - 26 years.
(c) Height - 5' 1"
(d) Wearing - Green shirt & Blue jeans pant.
All out efforts may be taken to trace out/recover the above noted missing/untraced person at the earliest and result thereof may be intimated to OC Dibrugarh (M.No 9954107706) & EO Manash Borah (M.No 7002028174) for further necessary action.
Sr. Superintendent of Police,
Dibrugarh, Assam.
DIPR/D/JMB/709/31-Aug-25
LOOK OUT NOTICE
The above photograph of Pinky Tiwari D/O Sri Raj Kr. Tiwari (age 16 yrs.) of village Joypura, PS: Changsari, District Kamrup, who was missing on 21-09-2022 at about 8 AM while she went Changsari H.S School.
The description roll of the victim/missing person is as follows:
1. Name : Pinky Tiwari
2. Age : 16 Years
3. Colour : Fair
4. Height : 5 feet 4 inch
Please take all out efforts to trace out the missing person and if you found intimate this office (Kamrup PCR. 60269-00747, E-Mail-sp-kamrup@assampolice.gov.in) at the earliest for taking follow up action from this end. This refers to Changsari PS Case No. 373/2024 US 366 IPC.
Senior Superintendent of Police
Kamrup :::: Amingaon
DIPR/D/JMB/704/31-Aug-25
